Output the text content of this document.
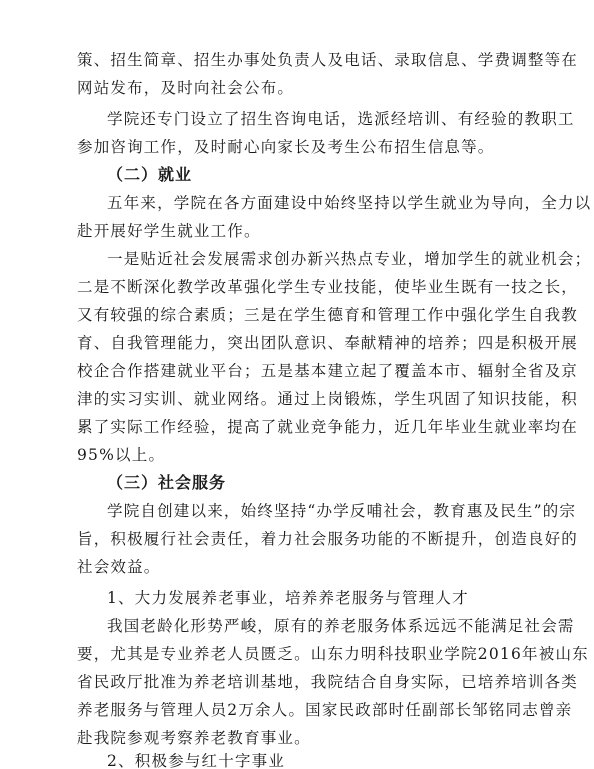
策、招生简章、招生办事处负责人及电话、录取信息、学费调整等在
网站发布，及时向社会公布。
学院还专门设立了招生咨询电话，选派经培训、有经验的教职工
参加咨询工作，及时耐心向家长及考生公布招生信息等。
（二）就业
五年来，学院在各方面建设中始终坚持以学生就业为导向，全力以
赴开展好学生就业工作。
一是贴近社会发展需求创办新兴热点专业，增加学生的就业机会；
二是不断深化教学改革强化学生专业技能，使毕业生既有一技之长，
又有较强的综合素质；三是在学生德育和管理工作中强化学生自我教
育、自我管理能力，突出团队意识、奉献精神的培养；四是积极开展
校企合作搭建就业平台；五是基本建立起了覆盖本市、辐射全省及京
津的实习实训、就业网络。通过上岗锻炼，学生巩固了知识技能，积
累了实际工作经验，提高了就业竞争能力，近几年毕业生就业率均在
95%以上。
（三）社会服务
学院自创建以来，始终坚持“办学反哺社会，教育惠及民生”的宗
旨，积极履行社会责任，着力社会服务功能的不断提升，创造良好的
社会效益。
1、大力发展养老事业，培养养老服务与管理人才
我国老龄化形势严峻，原有的养老服务体系远远不能满足社会需
要，尤其是专业养老人员匮乏。山东力明科技职业学院2016年被山东
省民政厅批准为养老培训基地，我院结合自身实际，已培养培训各类
养老服务与管理人员2万余人。国家民政部时任副部长邹铭同志曾亲
赴我院参观考察养老教育事业。
2、积极参与红十字事业
